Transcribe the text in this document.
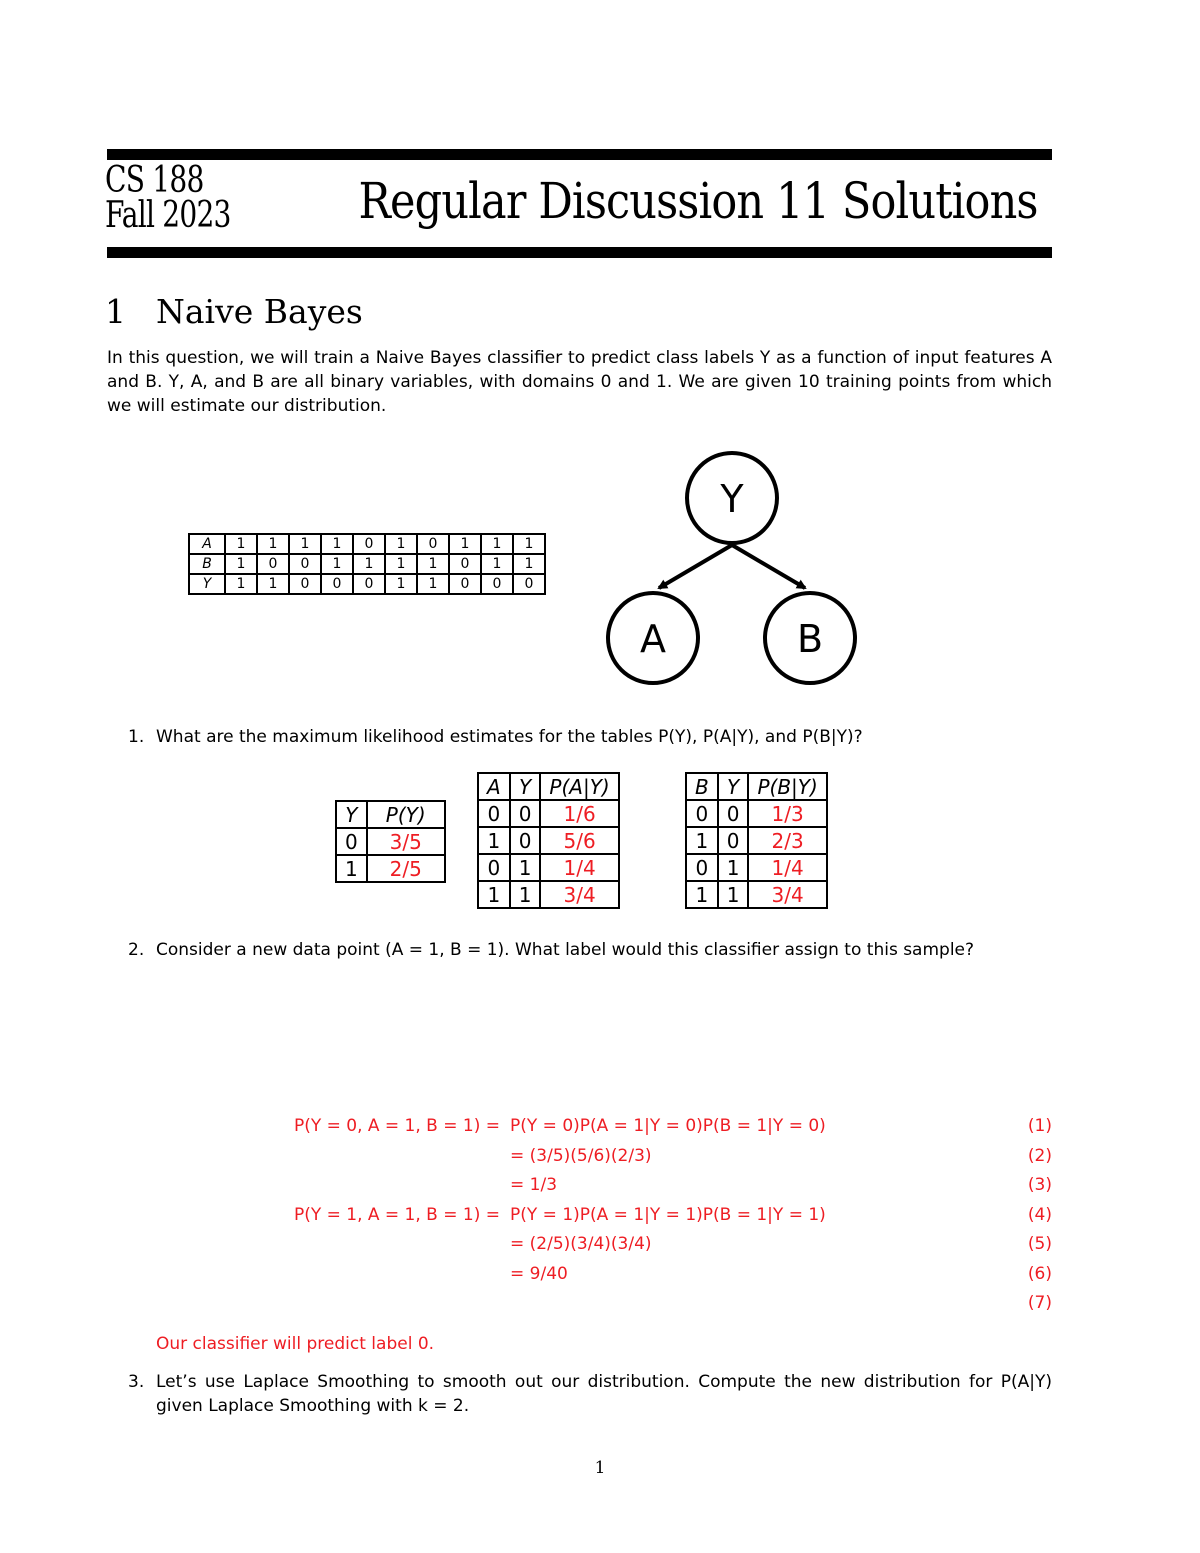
CS 188
Fall 2023	Regular Discussion 11 Solutions
1 Naive Bayes
In this question, we will train a Naive Bayes classifier to predict class labels Y as a function of input features A and B. Y, A, and B are all binary variables, with domains 0 and 1. We are given 10 training points from which we will estimate our distribution.
A	1	1	1	1	0	1	0	1	1	1
B	1	0	0	1	1	1	1	0	1	1
Y	1	1	0	0	0	1	1	0	0	0
Y
A	B
1. What are the maximum likelihood estimates for the tables P(Y), P(A|Y), and P(B|Y)?
Y	P(Y)
0	3/5
1	2/5
A	Y	P(A|Y)
0	0	1/6
1	0	5/6
0	1	1/4
1	1	3/4
B	Y	P(B|Y)
0	0	1/3
1	0	2/3
0	1	1/4
1	1	3/4
2. Consider a new data point (A = 1, B = 1). What label would this classifier assign to this sample?
P(Y = 0, A = 1, B = 1) = P(Y = 0)P(A = 1|Y = 0)P(B = 1|Y = 0)	(1)
= (3/5)(5/6)(2/3)	(2)
= 1/3	(3)
P(Y = 1, A = 1, B = 1) = P(Y = 1)P(A = 1|Y = 1)P(B = 1|Y = 1)	(4)
= (2/5)(3/4)(3/4)	(5)
= 9/40	(6)
(7)
Our classifier will predict label 0.
3. Let’s use Laplace Smoothing to smooth out our distribution. Compute the new distribution for P(A|Y) given Laplace Smoothing with k = 2.
1
